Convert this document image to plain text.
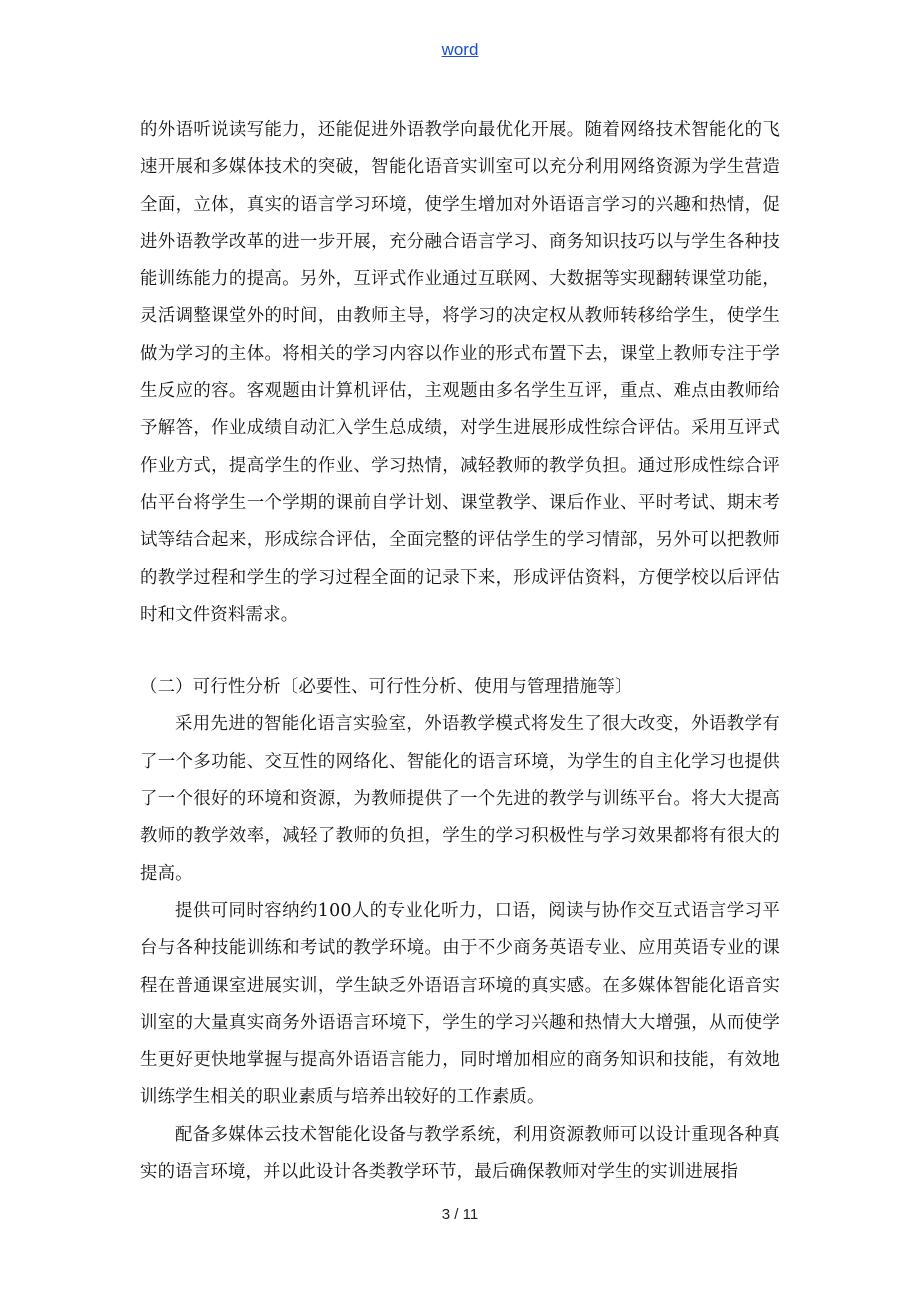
word

的外语听说读写能力，还能促进外语教学向最优化开展。随着网络技术智能化的飞速开展和多媒体技术的突破，智能化语音实训室可以充分利用网络资源为学生营造全面，立体，真实的语言学习环境，使学生增加对外语语言学习的兴趣和热情，促进外语教学改革的进一步开展，充分融合语言学习、商务知识技巧以与学生各种技能训练能力的提高。另外，互评式作业通过互联网、大数据等实现翻转课堂功能，灵活调整课堂外的时间，由教师主导，将学习的决定权从教师转移给学生，使学生做为学习的主体。将相关的学习内容以作业的形式布置下去，课堂上教师专注于学生反应的容。客观题由计算机评估，主观题由多名学生互评，重点、难点由教师给予解答，作业成绩自动汇入学生总成绩，对学生进展形成性综合评估。采用互评式作业方式，提高学生的作业、学习热情，减轻教师的教学负担。通过形成性综合评估平台将学生一个学期的课前自学计划、课堂教学、课后作业、平时考试、期末考试等结合起来，形成综合评估，全面完整的评估学生的学习情部，另外可以把教师的教学过程和学生的学习过程全面的记录下来，形成评估资料，方便学校以后评估时和文件资料需求。

（二）可行性分析〔必要性、可行性分析、使用与管理措施等〕

采用先进的智能化语言实验室，外语教学模式将发生了很大改变，外语教学有了一个多功能、交互性的网络化、智能化的语言环境，为学生的自主化学习也提供了一个很好的环境和资源，为教师提供了一个先进的教学与训练平台。将大大提高教师的教学效率，减轻了教师的负担，学生的学习积极性与学习效果都将有很大的提高。

提供可同时容纳约100人的专业化听力，口语，阅读与协作交互式语言学习平台与各种技能训练和考试的教学环境。由于不少商务英语专业、应用英语专业的课程在普通课室进展实训，学生缺乏外语语言环境的真实感。在多媒体智能化语音实训室的大量真实商务外语语言环境下，学生的学习兴趣和热情大大增强，从而使学生更好更快地掌握与提高外语语言能力，同时增加相应的商务知识和技能，有效地训练学生相关的职业素质与培养出较好的工作素质。

配备多媒体云技术智能化设备与教学系统，利用资源教师可以设计重现各种真实的语言环境，并以此设计各类教学环节，最后确保教师对学生的实训进展指

3 / 11
